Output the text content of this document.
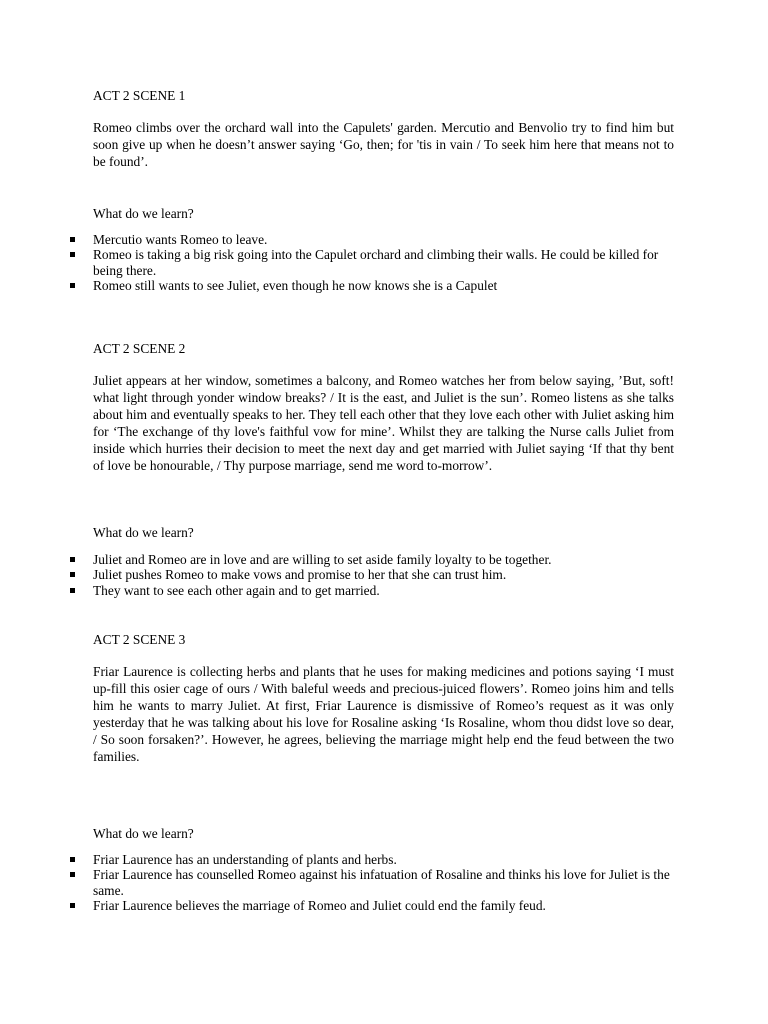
ACT 2 SCENE 1
Romeo climbs over the orchard wall into the Capulets' garden. Mercutio and Benvolio try to find him but soon give up when he doesn’t answer saying ‘Go, then; for 'tis in vain / To seek him here that means not to be found’.
What do we learn?
Mercutio wants Romeo to leave.
Romeo is taking a big risk going into the Capulet orchard and climbing their walls. He could be killed for being there.
Romeo still wants to see Juliet, even though he now knows she is a Capulet
ACT 2 SCENE 2
Juliet appears at her window, sometimes a balcony, and Romeo watches her from below saying, ’But, soft! what light through yonder window breaks? / It is the east, and Juliet is the sun’. Romeo listens as she talks about him and eventually speaks to her. They tell each other that they love each other with Juliet asking him for ‘The exchange of thy love's faithful vow for mine’. Whilst they are talking the Nurse calls Juliet from inside which hurries their decision to meet the next day and get married with Juliet saying ‘If that thy bent of love be honourable, / Thy purpose marriage, send me word to-morrow’.
What do we learn?
Juliet and Romeo are in love and are willing to set aside family loyalty to be together.
Juliet pushes Romeo to make vows and promise to her that she can trust him.
They want to see each other again and to get married.
ACT 2 SCENE 3
Friar Laurence is collecting herbs and plants that he uses for making medicines and potions saying ‘I must up-fill this osier cage of ours / With baleful weeds and precious-juiced flowers’. Romeo joins him and tells him he wants to marry Juliet. At first, Friar Laurence is dismissive of Romeo’s request as it was only yesterday that he was talking about his love for Rosaline asking ‘Is Rosaline, whom thou didst love so dear, / So soon forsaken?’. However, he agrees, believing the marriage might help end the feud between the two families.
What do we learn?
Friar Laurence has an understanding of plants and herbs.
Friar Laurence has counselled Romeo against his infatuation of Rosaline and thinks his love for Juliet is the same.
Friar Laurence believes the marriage of Romeo and Juliet could end the family feud.
